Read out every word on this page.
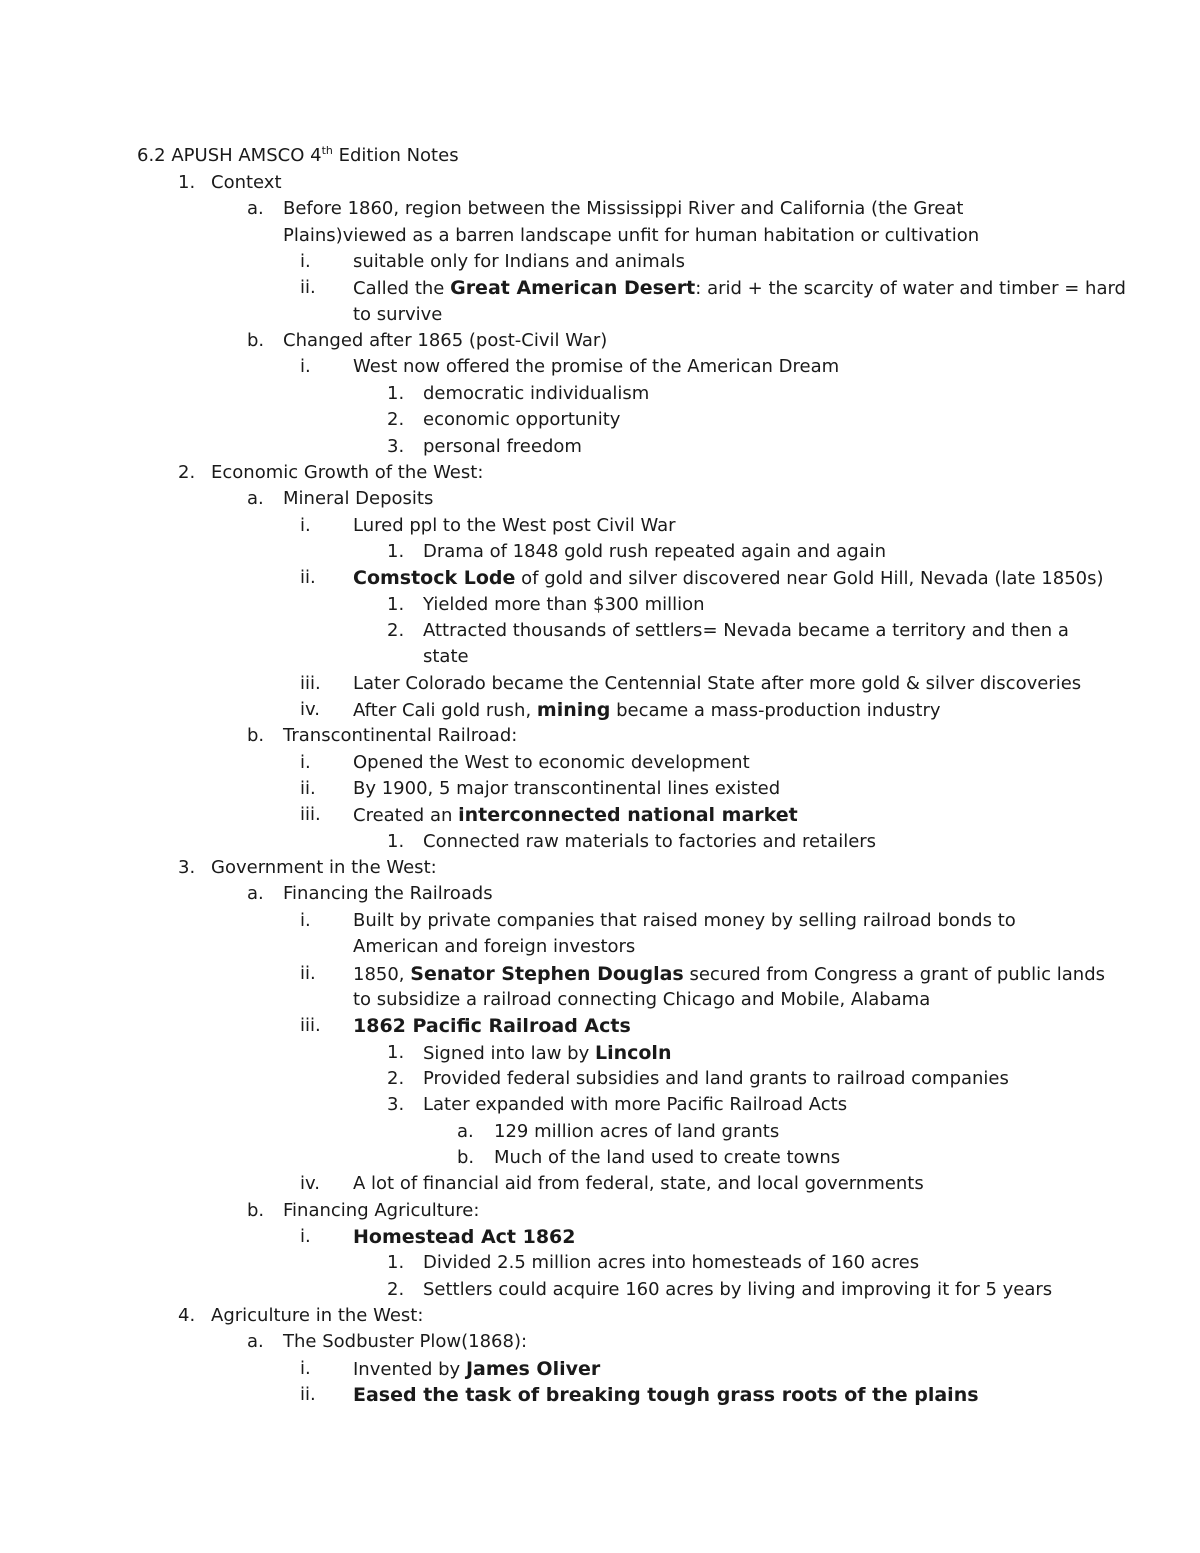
6.2 APUSH AMSCO 4th Edition Notes
1. Context
a. Before 1860, region between the Mississippi River and California (the Great
Plains)viewed as a barren landscape unfit for human habitation or cultivation
i. suitable only for Indians and animals
ii. Called the Great American Desert: arid + the scarcity of water and timber = hard
to survive
b. Changed after 1865 (post-Civil War)
i. West now offered the promise of the American Dream
1. democratic individualism
2. economic opportunity
3. personal freedom
2. Economic Growth of the West:
a. Mineral Deposits
i. Lured ppl to the West post Civil War
1. Drama of 1848 gold rush repeated again and again
ii. Comstock Lode of gold and silver discovered near Gold Hill, Nevada (late 1850s)
1. Yielded more than $300 million
2. Attracted thousands of settlers= Nevada became a territory and then a
state
iii. Later Colorado became the Centennial State after more gold & silver discoveries
iv. After Cali gold rush, mining became a mass-production industry
b. Transcontinental Railroad:
i. Opened the West to economic development
ii. By 1900, 5 major transcontinental lines existed
iii. Created an interconnected national market
1. Connected raw materials to factories and retailers
3. Government in the West:
a. Financing the Railroads
i. Built by private companies that raised money by selling railroad bonds to
American and foreign investors
ii. 1850, Senator Stephen Douglas secured from Congress a grant of public lands
to subsidize a railroad connecting Chicago and Mobile, Alabama
iii. 1862 Pacific Railroad Acts
1. Signed into law by Lincoln
2. Provided federal subsidies and land grants to railroad companies
3. Later expanded with more Pacific Railroad Acts
a. 129 million acres of land grants
b. Much of the land used to create towns
iv. A lot of financial aid from federal, state, and local governments
b. Financing Agriculture:
i. Homestead Act 1862
1. Divided 2.5 million acres into homesteads of 160 acres
2. Settlers could acquire 160 acres by living and improving it for 5 years
4. Agriculture in the West:
a. The Sodbuster Plow(1868):
i. Invented by James Oliver
ii. Eased the task of breaking tough grass roots of the plains
